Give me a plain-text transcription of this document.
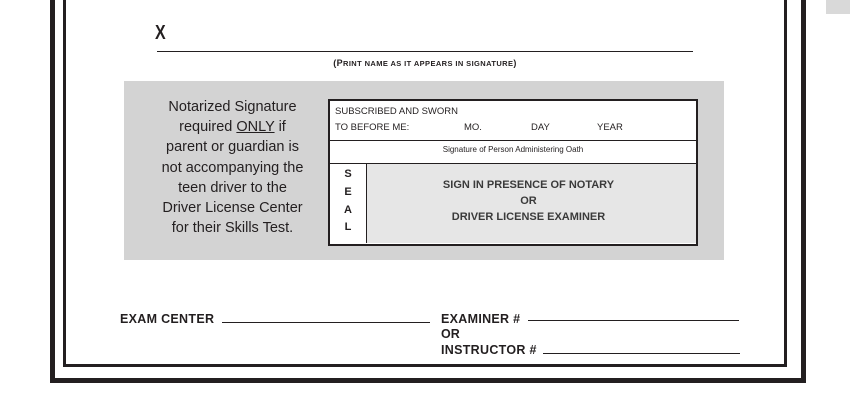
X
(PRINT NAME AS IT APPEARS IN SIGNATURE)
Notarized Signature
required ONLY if
parent or guardian is
not accompanying the
teen driver to the
Driver License Center
for their Skills Test.
SUBSCRIBED AND SWORN
TO BEFORE ME:	MO.	DAY	YEAR
Signature of Person Administering Oath
S
E
A
L
SIGN IN PRESENCE OF NOTARY
OR
DRIVER LICENSE EXAMINER
EXAM CENTER	EXAMINER #
OR
INSTRUCTOR #
